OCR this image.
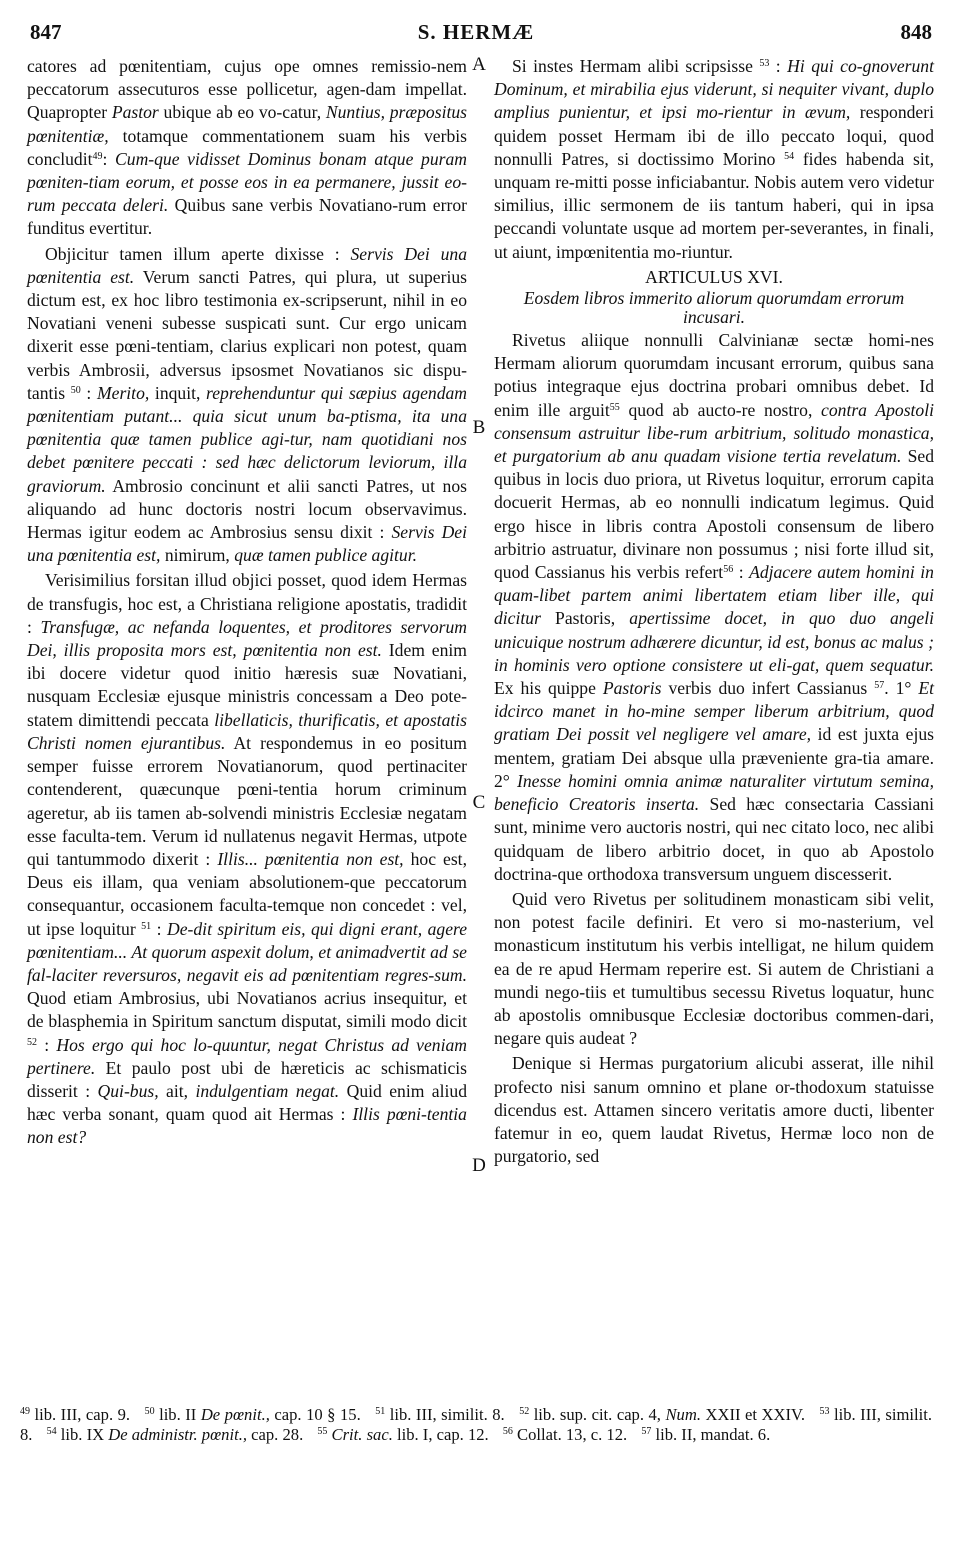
847	S. HERMÆ	848

catores ad pœnitentiam, cujus ope omnes remissio-nem peccatorum assecuturos esse pollicetur, agen-dam impellat. Quapropter Pastor ubique ab eo vo-catur, Nuntius, præpositus pœnitentiæ, totamque commentationem suam his verbis concludit$^{49}$: Cum-que vidisset Dominus bonam atque puram pœniten-tiam eorum, et posse eos in ea permanere, jussit eo-rum peccata deleri. Quibus sane verbis Novatiano-rum error funditus evertitur.

Objicitur tamen illum aperte dixisse : Servis Dei una pœnitentia est. Verum sancti Patres, qui plura, ut superius dictum est, ex hoc libro testimonia ex-scripserunt, nihil in eo Novatiani veneni subesse suspicati sunt. Cur ergo unicam dixerit esse pœni-tentiam, clarius explicari non potest, quam verbis Ambrosii, adversus ipsosmet Novatianos sic dispu-tantis $^{50}$ : Merito, inquit, reprehenduntur qui sæpius agendam pœnitentiam putant... quia sicut unum ba-ptisma, ita una pœnitentia quæ tamen publice agi-tur, nam quotidiani nos debet pœnitere peccati : sed hæc delictorum leviorum, illa graviorum. Ambrosio concinunt et alii sancti Patres, ut nos aliquando ad hunc doctoris nostri locum observavimus. Hermas igitur eodem ac Ambrosius sensu dixit : Servis Dei una pœnitentia est, nimirum, quæ tamen publice agitur.

Verisimilius forsitan illud objici posset, quod idem Hermas de transfugis, hoc est, a Christiana religione apostatis, tradidit : Transfugæ, ac nefanda loquentes, et proditores servorum Dei, illis proposita mors est, pœnitentia non est. Idem enim ibi docere videtur quod initio hæresis suæ Novatiani, nusquam Ecclesiæ ejusque ministris concessam a Deo pote-statem dimittendi peccata libellaticis, thurificatis, et apostatis Christi nomen ejurantibus. At respondemus in eo positum semper fuisse errorem Novatianorum, quod pertinaciter contenderent, quæcunque pœni-tentia horum criminum ageretur, ab iis tamen ab-solvendi ministris Ecclesiæ negatam esse facultа-tem. Verum id nullatenus negavit Hermas, utpote qui tantummodo dixerit : Illis... pœnitentia non est, hoc est, Deus eis illam, qua veniam absolutionem-que peccatorum consequantur, occasionem faculta-temque non concedet : vel, ut ipse loquitur $^{51}$ : De-dit spiritum eis, qui digni erant, agere pœnitentiam... At quorum aspexit dolum, et animadvertit ad se fal-laciter reversuros, negavit eis ad pœnitentiam regres-sum. Quod etiam Ambrosius, ubi Novatianos acrius insequitur, et de blasphemia in Spiritum sanctum disputat, simili modo dicit $^{52}$ : Hos ergo qui hoc lo-quuntur, negat Christus ad veniam pertinere. Et paulo post ubi de hæreticis ac schismaticis disserit : Qui-bus, ait, indulgentiam negat. Quid enim aliud hæc verba sonant, quam quod ait Hermas : Illis pœni-tentia non est?

A
B
C
D

Si instes Hermam alibi scripsisse $^{53}$ : Hi qui co-gnoverunt Dominum, et mirabilia ejus viderunt, si nequiter vivant, duplo amplius punientur, et ipsi mo-rientur in ævum, responderi quidem posset Hermam ibi de illo peccato loqui, quod nonnulli Patres, si doctissimo Morino $^{54}$ fides habenda sit, unquam re-mitti posse inficiabantur. Nobis autem vero videtur similius, illic sermonem de iis tantum haberi, qui in ipsa peccandi voluntate usque ad mortem per-severantes, in finali, ut aiunt, impœnitentia mo-riuntur.

ARTICULUS XVI.
Eosdem libros immerito aliorum quorumdam errorum incusari.

Rivetus aliique nonnulli Calvinianæ sectæ homi-nes Hermam aliorum quorumdam incusant errorum, quibus sana potius integraque ejus doctrina probari omnibus debet. Id enim ille arguit$^{55}$ quod ab aucto-re nostro, contra Apostoli consensum astruitur libe-rum arbitrium, solitudo monastica, et purgatorium ab anu quadam visione tertia revelatum. Sed quibus in locis duo priora, ut Rivetus loquitur, errorum capita docuerit Hermas, ab eo nonnulli indicatum legimus. Quid ergo hisce in libris contra Apostoli consensum de libero arbitrio astruatur, divinare non possumus ; nisi forte illud sit, quod Cassianus his verbis refert$^{56}$ : Adjacere autem homini in quam-libet partem animi libertatem etiam liber ille, qui dicitur Pastoris, apertissime docet, in quo duo angeli unicuique nostrum adhærere dicuntur, id est, bonus ac malus ; in hominis vero optione consistere ut eli-gat, quem sequatur. Ex his quippe Pastoris verbis duo infert Cassianus $^{57}$. 1° Et idcirco manet in ho-mine semper liberum arbitrium, quod gratiam Dei possit vel negligere vel amare, id est juxta ejus mentem, gratiam Dei absque ulla præveniente gra-tia amare. 2° Inesse homini omnia animæ naturaliter virtutum semina, beneficio Creatoris inserta. Sed hæc consectaria Cassiani sunt, minime vero auctoris nostri, qui nec citato loco, nec alibi quidquam de libero arbitrio docet, in quo ab Apostolo doctrina-que orthodoxa transversum unguem discesserit.

Quid vero Rivetus per solitudinem monasticam sibi velit, non potest facile definiri. Et vero si mo-nasterium, vel monasticum institutum his verbis intelligat, ne hilum quidem ea de re apud Hermam reperire est. Si autem de Christiani a mundi nego-tiis et tumultibus secessu Rivetus loquatur, hunc ab apostolis omnibusque Ecclesiæ doctoribus commen-dari, negare quis audeat ?

Denique si Hermas purgatorium alicubi asserat, ille nihil profecto nisi sanum omnino et plane or-thodoxum statuisse dicendus est. Attamen sincero veritatis amore ducti, libenter fatemur in eo, quem laudat Rivetus, Hermæ loco non de purgatorio, sed

$^{49}$ lib. III, cap. 9. $^{50}$ lib. II De pœnit., cap. 10 § 15. $^{51}$ lib. III, similit. 8. $^{52}$ lib. sup. cit. cap. 4, Num. XXII et XXIV. $^{53}$ lib. III, similit. 8. $^{54}$ lib. IX De administr. pœnit., cap. 28. $^{55}$ Crit. sac. lib. I, cap. 12. $^{56}$ Collat. 13, c. 12. $^{57}$ lib. II, mandat. 6.
